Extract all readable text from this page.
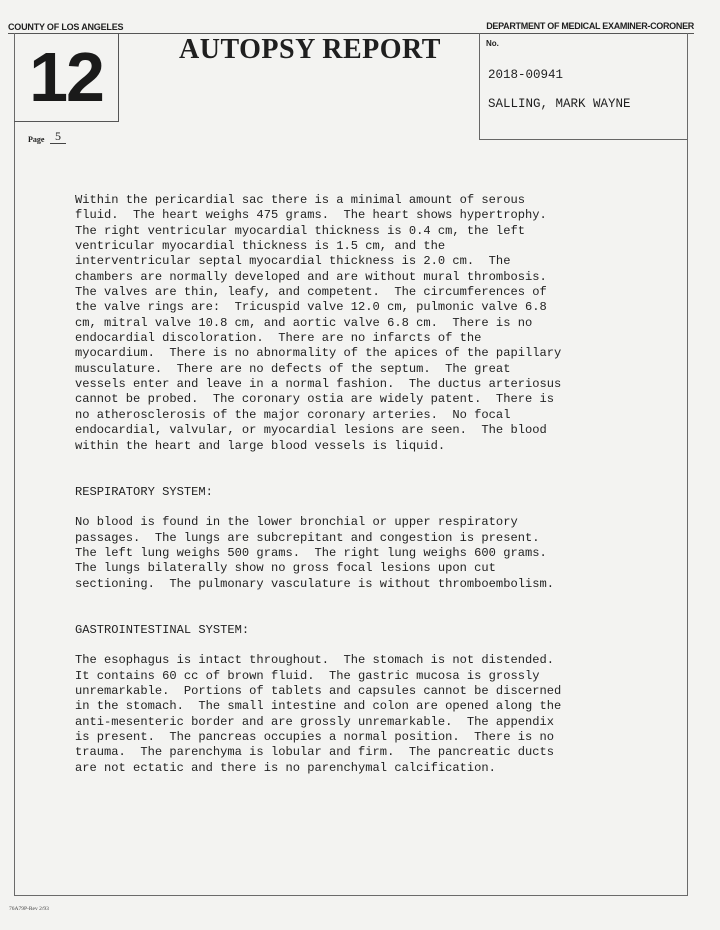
COUNTY OF LOS ANGELES	DEPARTMENT OF MEDICAL EXAMINER-CORONER
12	AUTOPSY REPORT	No.
2018-00941
SALLING, MARK WAYNE
Page 5

Within the pericardial sac there is a minimal amount of serous

fluid.  The heart weighs 475 grams.  The heart shows hypertrophy.

The right ventricular myocardial thickness is 0.4 cm, the left

ventricular myocardial thickness is 1.5 cm, and the

interventricular septal myocardial thickness is 2.0 cm.  The

chambers are normally developed and are without mural thrombosis.

The valves are thin, leafy, and competent.  The circumferences of

the valve rings are:  Tricuspid valve 12.0 cm, pulmonic valve 6.8

cm, mitral valve 10.8 cm, and aortic valve 6.8 cm.  There is no

endocardial discoloration.  There are no infarcts of the

myocardium.  There is no abnormality of the apices of the papillary

musculature.  There are no defects of the septum.  The great

vessels enter and leave in a normal fashion.  The ductus arteriosus

cannot be probed.  The coronary ostia are widely patent.  There is

no atherosclerosis of the major coronary arteries.  No focal

endocardial, valvular, or myocardial lesions are seen.  The blood

within the heart and large blood vessels is liquid.

RESPIRATORY SYSTEM:

No blood is found in the lower bronchial or upper respiratory

passages.  The lungs are subcrepitant and congestion is present.

The left lung weighs 500 grams.  The right lung weighs 600 grams.

The lungs bilaterally show no gross focal lesions upon cut

sectioning.  The pulmonary vasculature is without thromboembolism.

GASTROINTESTINAL SYSTEM:

The esophagus is intact throughout.  The stomach is not distended.

It contains 60 cc of brown fluid.  The gastric mucosa is grossly

unremarkable.  Portions of tablets and capsules cannot be discerned

in the stomach.  The small intestine and colon are opened along the

anti-mesenteric border and are grossly unremarkable.  The appendix

is present.  The pancreas occupies a normal position.  There is no

trauma.  The parenchyma is lobular and firm.  The pancreatic ducts

are not ectatic and there is no parenchymal calcification.

76A79P-Rev 2/93
